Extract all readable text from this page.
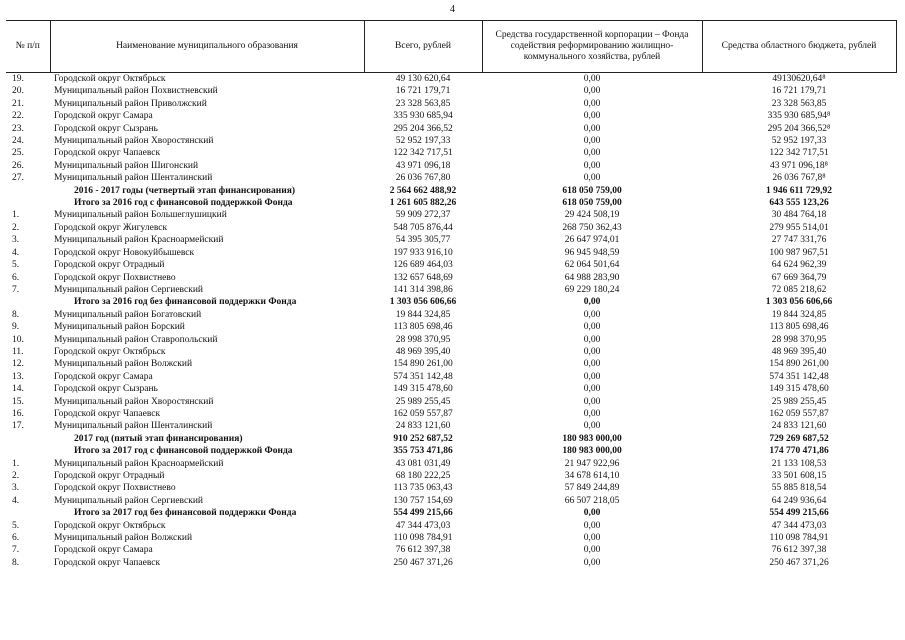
4
№ п/п	Наименование муниципального образования	Всего, рублей	Средства государственной корпорации – Фонда содействия реформированию жилищно-коммунального хозяйства, рублей	Средства областного бюджета, рублей
19.	Городской округ Октябрьск	49 130 620,64	0,00	49130620,64⁸
20.	Муниципальный район Похвистневский	16 721 179,71	0,00	16 721 179,71
21.	Муниципальный район Приволжский	23 328 563,85	0,00	23 328 563,85
22.	Городской округ Самара	335 930 685,94	0,00	335 930 685,94⁸
23.	Городской округ Сызрань	295 204 366,52	0,00	295 204 366,52⁸
24.	Муниципальный район Хворостянский	52 952 197,33	0,00	52 952 197,33
25.	Городской округ Чапаевск	122 342 717,51	0,00	122 342 717,51
26.	Муниципальный район Шигонский	43 971 096,18	0,00	43 971 096,18⁸
27.	Муниципальный район Шенталинский	26 036 767,80	0,00	26 036 767,8⁸
	2016 - 2017 годы (четвертый этап финансирования)	2 564 662 488,92	618 050 759,00	1 946 611 729,92
	Итого за 2016 год с финансовой поддержкой Фонда	1 261 605 882,26	618 050 759,00	643 555 123,26
1.	Муниципальный район Большеглушицкий	59 909 272,37	29 424 508,19	30 484 764,18
2.	Городской округ Жигулевск	548 705 876,44	268 750 362,43	279 955 514,01
3.	Муниципальный район Красноармейский	54 395 305,77	26 647 974,01	27 747 331,76
4.	Городской округ Новокуйбышевск	197 933 916,10	96 945 948,59	100 987 967,51
5.	Городской округ Отрадный	126 689 464,03	62 064 501,64	64 624 962,39
6.	Городской округ Похвистнево	132 657 648,69	64 988 283,90	67 669 364,79
7.	Муниципальный район Сергиевский	141 314 398,86	69 229 180,24	72 085 218,62
	Итого за 2016 год без финансовой поддержки Фонда	1 303 056 606,66	0,00	1 303 056 606,66
8.	Муниципальный район Богатовский	19 844 324,85	0,00	19 844 324,85
9.	Муниципальный район Борский	113 805 698,46	0,00	113 805 698,46
10.	Муниципальный район Ставропольский	28 998 370,95	0,00	28 998 370,95
11.	Городской округ Октябрьск	48 969 395,40	0,00	48 969 395,40
12.	Муниципальный район Волжский	154 890 261,00	0,00	154 890 261,00
13.	Городской округ Самара	574 351 142,48	0,00	574 351 142,48
14.	Городской округ Сызрань	149 315 478,60	0,00	149 315 478,60
15.	Муниципальный район Хворостянский	25 989 255,45	0,00	25 989 255,45
16.	Городской округ Чапаевск	162 059 557,87	0,00	162 059 557,87
17.	Муниципальный район Шенталинский	24 833 121,60	0,00	24 833 121,60
	2017 год (пятый этап финансирования)	910 252 687,52	180 983 000,00	729 269 687,52
	Итого за 2017 год с финансовой поддержкой Фонда	355 753 471,86	180 983 000,00	174 770 471,86
1.	Муниципальный район Красноармейский	43 081 031,49	21 947 922,96	21 133 108,53
2.	Городской округ Отрадный	68 180 222,25	34 678 614,10	33 501 608,15
3.	Городской округ Похвистнево	113 735 063,43	57 849 244,89	55 885 818,54
4.	Муниципальный район Сергиевский	130 757 154,69	66 507 218,05	64 249 936,64
	Итого за 2017 год без финансовой поддержки Фонда	554 499 215,66	0,00	554 499 215,66
5.	Городской округ Октябрьск	47 344 473,03	0,00	47 344 473,03
6.	Муниципальный район Волжский	110 098 784,91	0,00	110 098 784,91
7.	Городской округ Самара	76 612 397,38	0,00	76 612 397,38
8.	Городской округ Чапаевск	250 467 371,26	0,00	250 467 371,26
